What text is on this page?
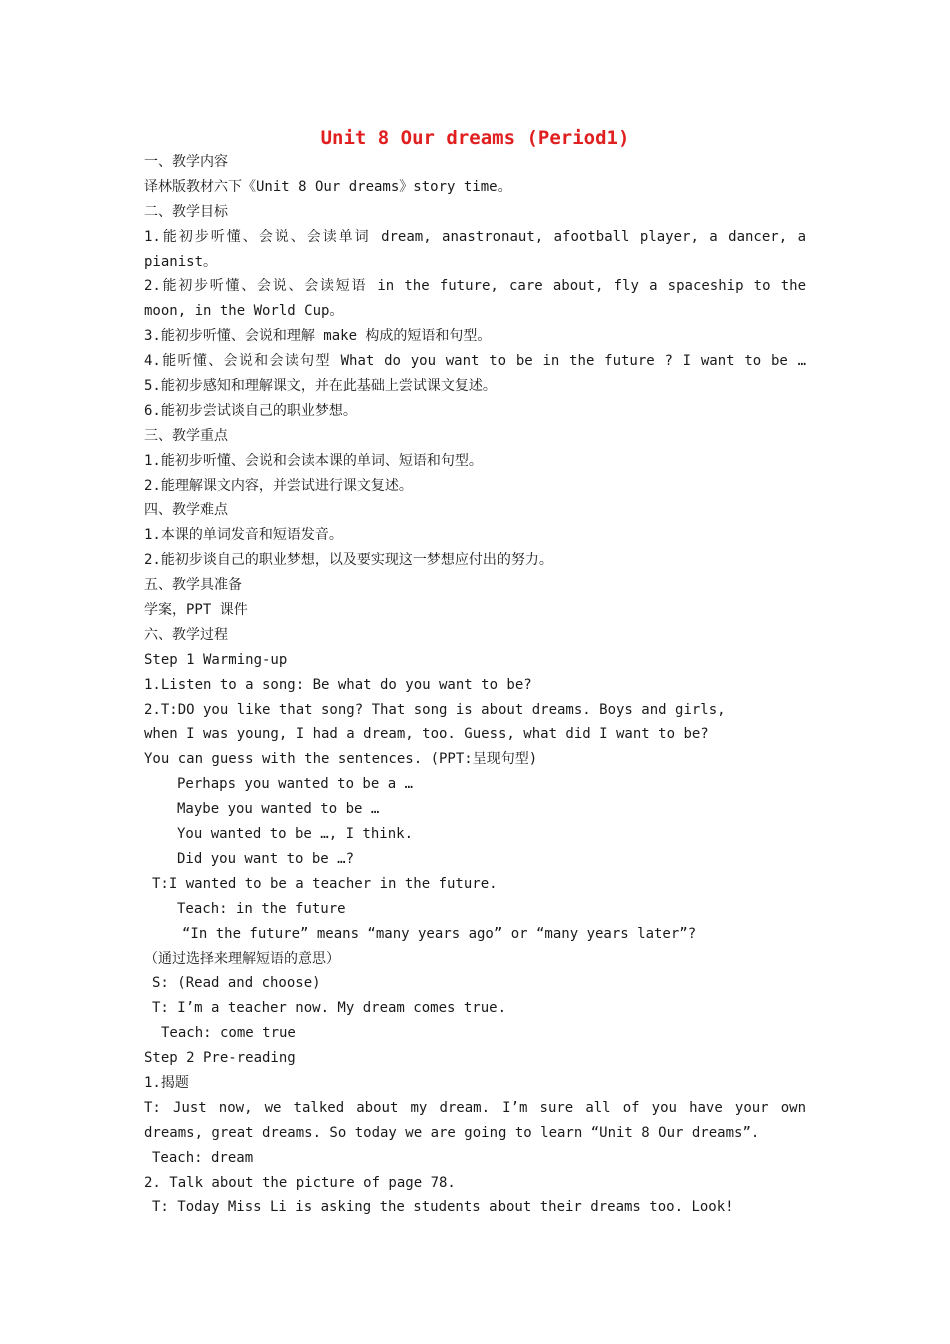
Unit 8 Our dreams (Period1)
一、教学内容
译林版教材六下《Unit 8 Our dreams》story time。
二、教学目标
1.能初步听懂、会说、会读单词 dream, anastronaut, afootball player, a dancer, a
pianist。
2.能初步听懂、会说、会读短语 in the future, care about, fly a spaceship to the
moon, in the World Cup。
3.能初步听懂、会说和理解 make 构成的短语和句型。
4.能听懂、会说和会读句型 What do you want to be in the future ? I want to be …
5.能初步感知和理解课文，并在此基础上尝试课文复述。
6.能初步尝试谈自己的职业梦想。
三、教学重点
1.能初步听懂、会说和会读本课的单词、短语和句型。
2.能理解课文内容，并尝试进行课文复述。
四、教学难点
1.本课的单词发音和短语发音。
2.能初步谈自己的职业梦想，以及要实现这一梦想应付出的努力。
五、教学具准备
学案，PPT 课件
六、教学过程
Step 1 Warming-up
1.Listen to a song: Be what do you want to be?
2.T:DO you like that song? That song is about dreams. Boys and girls,
when I was young, I had a dream, too. Guess, what did I want to be?
You can guess with the sentences. (PPT:呈现句型)
Perhaps you wanted to be a …
Maybe you wanted to be …
You wanted to be …, I think.
Did you want to be …?
T:I wanted to be a teacher in the future.
Teach: in the future
“In the future” means “many years ago” or “many years later”?
（通过选择来理解短语的意思）
S: (Read and choose)
T: I’m a teacher now. My dream comes true.
Teach: come true
Step 2 Pre-reading
1.揭题
T: Just now, we talked about my dream. I’m sure all of you have your own
dreams, great dreams. So today we are going to learn “Unit 8 Our dreams”.
Teach: dream
2. Talk about the picture of page 78.
T: Today Miss Li is asking the students about their dreams too. Look!
